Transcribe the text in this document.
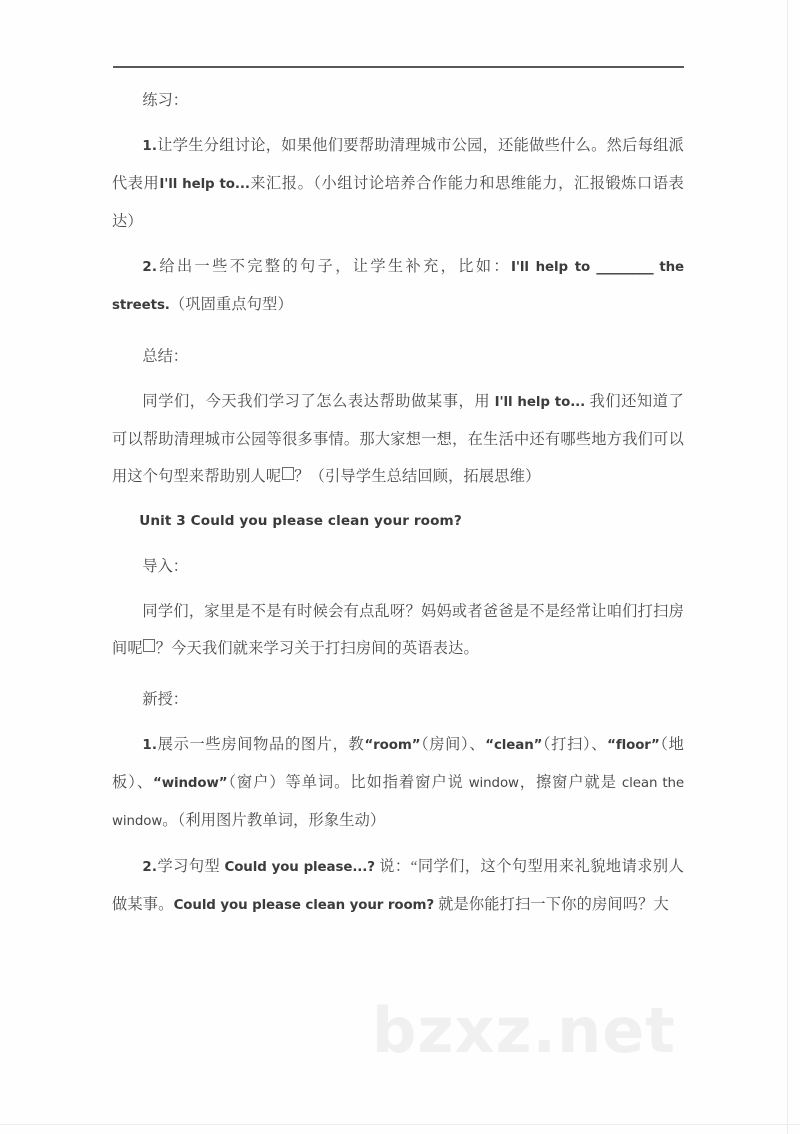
bzxz.net

练习：

1.让学生分组讨论，如果他们要帮助清理城市公园，还能做些什么。然后每组派代表用I'll help to...来汇报。（小组讨论培养合作能力和思维能力，汇报锻炼口语表达）

2.给出一些不完整的句子，让学生补充，比如：I'll help to ________ the streets.（巩固重点句型）

总结：

同学们，今天我们学习了怎么表达帮助做某事，用 I'll help to... 我们还知道了可以帮助清理城市公园等很多事情。那大家想一想，在生活中还有哪些地方我们可以用这个句型来帮助别人呢 ？（引导学生总结回顾，拓展思维）

Unit 3 Could you please clean your room?

导入：

同学们，家里是不是有时候会有点乱呀？妈妈或者爸爸是不是经常让咱们打扫房间呢 ？今天我们就来学习关于打扫房间的英语表达。

新授：

1.展示一些房间物品的图片，教“room”（房间）、“clean”（打扫）、“floor”（地板）、“window”（窗户）等单词。比如指着窗户说 window，擦窗户就是 clean the window。（利用图片教单词，形象生动）

2.学习句型 Could you please...? 说：“同学们，这个句型用来礼貌地请求别人做某事。Could you please clean your room? 就是你能打扫一下你的房间吗？大
